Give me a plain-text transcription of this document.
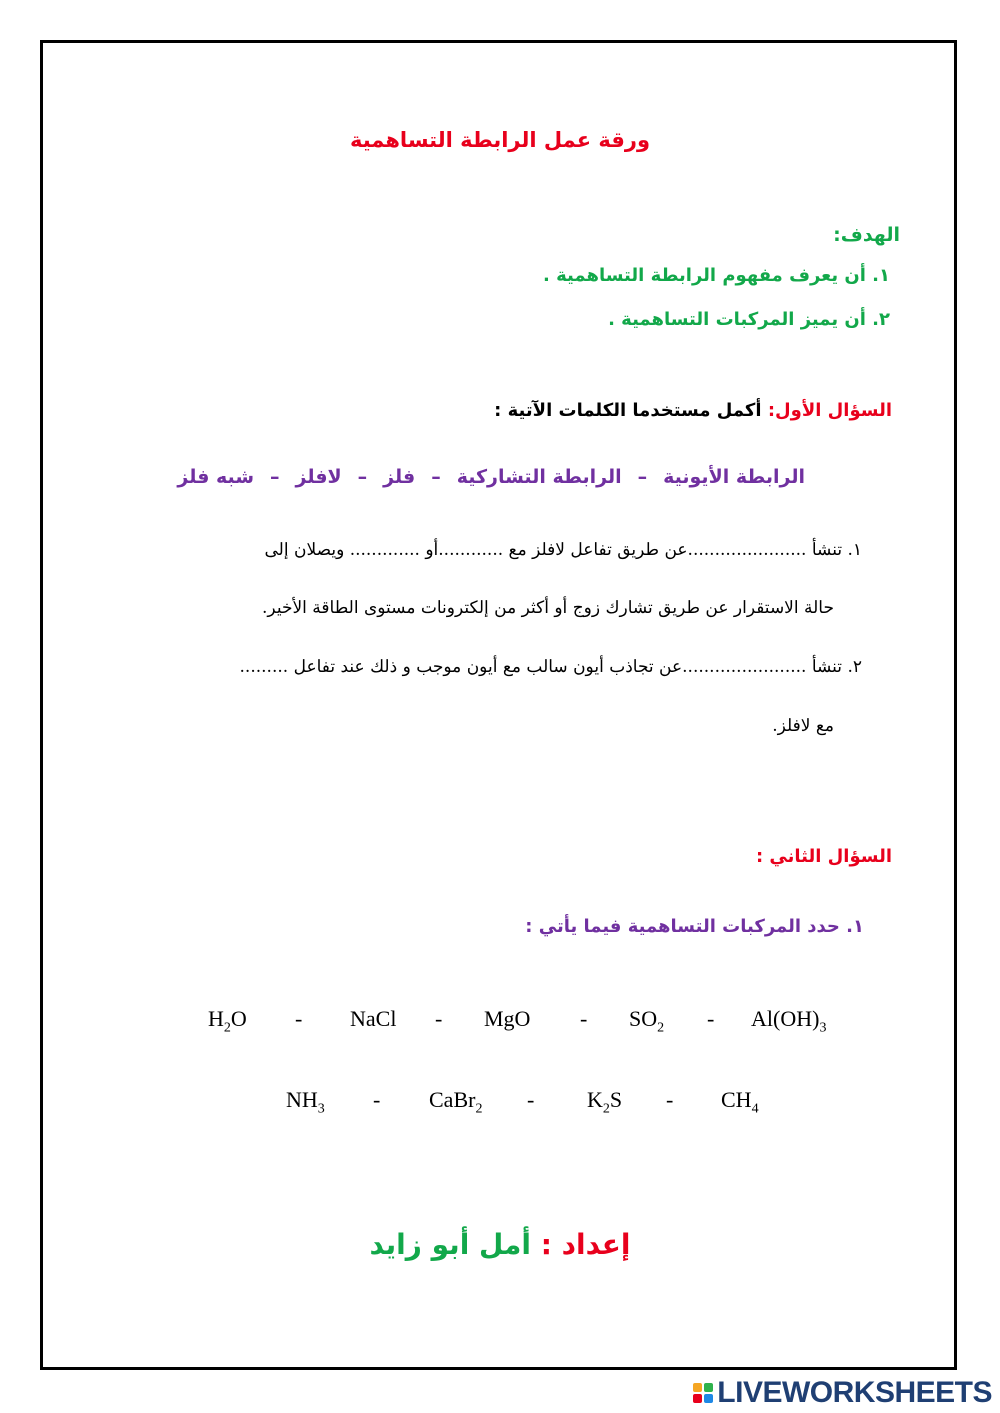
ورقة عمل الرابطة التساهمية
الهدف:
١. أن يعرف مفهوم الرابطة التساهمية .
٢. أن يميز المركبات التساهمية .
السؤال الأول: أكمل مستخدما الكلمات الآتية :
الرابطة الأيونية
–
الرابطة التشاركية
–
فلز
–
لافلز
–
شبه فلز
١. تنشأ ......................عن طريق تفاعل لافلز مع ............أو ............. ويصلان إلى
حالة الاستقرار عن طريق تشارك زوج أو أكثر من إلكترونات مستوى الطاقة الأخير.
٢. تنشأ .......................عن تجاذب أيون سالب مع أيون موجب و ذلك عند تفاعل .........
مع لافلز.
السؤال الثاني :
١. حدد المركبات التساهمية فيما يأتي :
$H_2O$ - NaCl - MgO - $SO_2 - Al(OH)_3$
$NH_3$ - CaBr$_2$ - $K_2S - CH_4$
إعداد : أمل أبو زايد
LIVEWORKSHEETS
